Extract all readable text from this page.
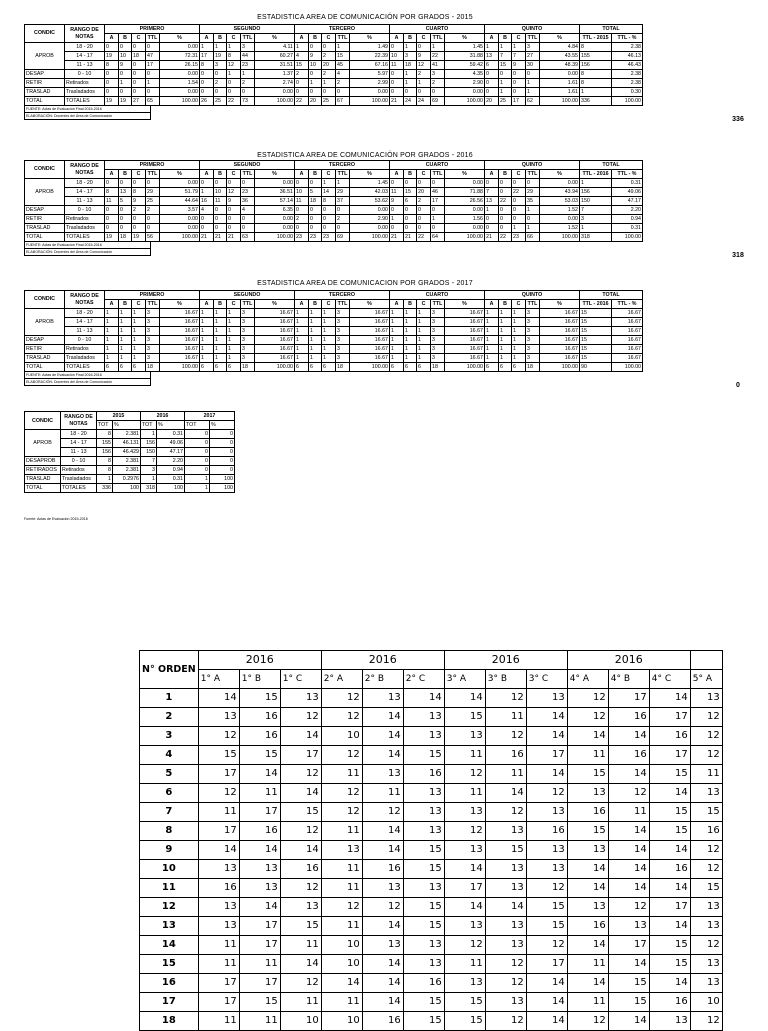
ESTADISTICA AREA DE COMUNICACIÓN POR GRADOS - 2015
CONDIC	RANGO DE NOTAS	PRIMERO					SEGUNDO					TERCERO					CUARTO					QUINTO					TOTAL	
		A	B	C	TTL	%	A	B	C	TTL	%	A	B	C	TTL	%	A	B	C	TTL	%	A	B	C	TTL	%	TTL - 2015	TTL - %
APROB	18 - 20	0	0	0	0	0.00	1	1	1	3	4.11	1	0	0	1	1.49	0	1	0	1	1.45	1	1	1	3	4.84	8	2.38
	14 - 17	19	10	18	47	72.31	17	19	8	44	60.27	4	9	2	15	22.39	10	3	9	22	31.88	13	7	7	27	43.55	155	46.13
	11 - 13	8	9	0	17	26.15	8	3	12	23	31.51	15	10	20	45	67.16	11	18	12	41	59.42	6	15	9	30	48.39	156	46.43
DESAP	0 - 10	0	0	0	0	0.00	0	0	1	1	1.37	2	0	2	4	5.97	0	1	2	3	4.35	0	0	0	0	0.00	8	2.38
RETIR	Retirados	0	1	0	1	1.54	0	2	0	2	2.74	0	1	1	2	2.99	0	1	1	2	2.90	0	1	0	1	1.61	8	2.38
TRASLAD	Trasladados	0	0	0	0	0.00	0	0	0	0	0.00	0	0	0	0	0.00	0	0	0	0	0.00	0	1	0	1	1.61	1	0.30
TOTAL	TOTALES	19	19	27	65	100.00	26	25	22	73	100.00	22	20	25	67	100.00	21	24	24	69	100.00	20	25	17	62	100.00	336	100.00
FUENTE: Actas de Evaluación Final 2015-2016
ELABORACIÓN: Docentes del Área de Comunicación	336
ESTADISTICA AREA DE COMUNICACIÓN POR GRADOS - 2016
CONDIC	RANGO DE NOTAS	PRIMERO					SEGUNDO					TERCERO					CUARTO					QUINTO					TOTAL	
		A	B	C	TTL	%	A	B	C	TTL	%	A	B	C	TTL	%	A	B	C	TTL	%	A	B	C	TTL	%	TTL - 2016	TTL - %
APROB	18 - 20	0	0	0	0	0.00	0	0	0	0	0.00	0	0	1	1	1.45	0	0	0	0	0.00	0	0	0	0	0.00	1	0.31
	14 - 17	8	13	8	29	51.79	1	10	12	23	36.51	10	5	14	29	42.03	11	15	20	46	71.88	7	0	22	29	43.94	156	49.06
	11 - 13	11	5	9	25	44.64	16	11	9	36	57.14	11	18	8	37	53.62	9	6	2	17	26.56	13	22	0	35	53.03	150	47.17
DESAP	0 - 10	0	0	2	2	3.57	4	0	0	4	6.35	0	0	0	0	0.00	0	0	0	0	0.00	1	0	0	1	1.52	7	2.20
RETIR	Retirados	0	0	0	0	0.00	0	0	0	0	0.00	2	0	0	2	2.90	1	0	0	1	1.56	0	0	0	0	0.00	3	0.94
TRASLAD	Trasladados	0	0	0	0	0.00	0	0	0	0	0.00	0	0	0	0	0.00	0	0	0	0	0.00	0	0	1	1	1.52	1	0.31
TOTAL	TOTALES	19	18	19	56	100.00	21	21	21	63	100.00	23	23	23	69	100.00	21	21	22	64	100.00	21	22	23	66	100.00	318	100.00
FUENTE: Actas de Evaluación Final 2015-2016
ELABORACIÓN: Docentes del Área de Comunicación	318
ESTADISTICA AREA DE COMUNICACION POR GRADOS - 2017
CONDIC	RANGO DE NOTAS	PRIMERO					SEGUNDO					TERCERO					CUARTO					QUINTO					TOTAL	
		A	B	C	TTL	%	A	B	C	TTL	%	A	B	C	TTL	%	A	B	C	TTL	%	A	B	C	TTL	%	TTL - 2016	TTL - %
APROB	18 - 20	1	1	1	3	16.67	1	1	1	3	16.67	1	1	1	3	16.67	1	1	1	3	16.67	1	1	1	3	16.67	15	16.67
	14 - 17	1	1	1	3	16.67	1	1	1	3	16.67	1	1	1	3	16.67	1	1	1	3	16.67	1	1	1	3	16.67	15	16.67
	11 - 13	1	1	1	3	16.67	1	1	1	3	16.67	1	1	1	3	16.67	1	1	1	3	16.67	1	1	1	3	16.67	15	16.67
DESAP	0 - 10	1	1	1	3	16.67	1	1	1	3	16.67	1	1	1	3	16.67	1	1	1	3	16.67	1	1	1	3	16.67	15	16.67
RETIR	Retirados	1	1	1	3	16.67	1	1	1	3	16.67	1	1	1	3	16.67	1	1	1	3	16.67	1	1	1	3	16.67	15	16.67
TRASLAD	Trasladados	1	1	1	3	16.67	1	1	1	3	16.67	1	1	1	3	16.67	1	1	1	3	16.67	1	1	1	3	16.67	15	16.67
TOTAL	TOTALES	6	6	6	18	100.00	6	6	6	18	100.00	6	6	6	18	100.00	6	6	6	18	100.00	6	6	6	18	100.00	90	100.00
FUENTE: Actas de Evaluación Final 2016-2016
ELABORACIÓN: Docentes del Área de Comunicación	0
CONDIC	RANGO DE NOTAS	2015		2016		2017	
		TOT	%	TOT	%	TOT	%
APROB	18 - 20	8	2.381	1	0.31	0	0
	14 - 17	155	46.131	156	49.06	0	0
	11 - 13	156	46.429	150	47.17	0	0
DESAPROB	0 - 10	8	2.381	7	2.20	0	0
RETIRADOS	Retirados	8	2.381	3	0.94	0	0
TRASLAD	Trasladados	1	0.2976	1	0.31	1	100
TOTAL	TOTALES	336	100	318	100	1	100
Fuente: Actas de Evaluación 2015-2016
N° ORDEN	2016			2016			2016			2016			
	1° A	1° B	1° C	2° A	2° B	2° C	3° A	3° B	3° C	4° A	4° B	4° C	5° A
1	14	15	13	12	13	14	14	12	13	12	17	14	13
2	13	16	12	12	14	13	15	11	14	12	16	17	12
3	12	16	14	10	14	13	13	12	14	14	14	16	12
4	15	15	17	12	14	15	11	16	17	11	16	17	12
5	17	14	12	11	13	16	12	11	14	15	14	15	11
6	12	11	14	12	11	13	11	14	12	13	12	14	13
7	11	17	15	12	12	13	13	12	13	16	11	15	15
8	17	16	12	11	14	13	12	13	16	15	14	15	16
9	14	14	14	13	14	15	13	15	13	13	14	14	12
10	13	13	16	11	16	15	14	13	13	14	14	16	12
11	16	13	12	11	13	13	17	13	12	14	14	14	15
12	13	14	13	12	12	15	14	14	15	13	12	17	13
13	13	17	15	11	14	15	13	13	15	16	13	14	13
14	11	17	11	10	13	13	12	13	12	14	17	15	12
15	11	11	14	10	14	13	11	12	17	11	14	15	13
16	17	17	12	14	14	16	13	12	14	14	15	14	13
17	17	15	11	11	14	15	15	13	14	11	15	16	10
18	11	11	10	10	16	15	15	12	14	12	14	13	12
